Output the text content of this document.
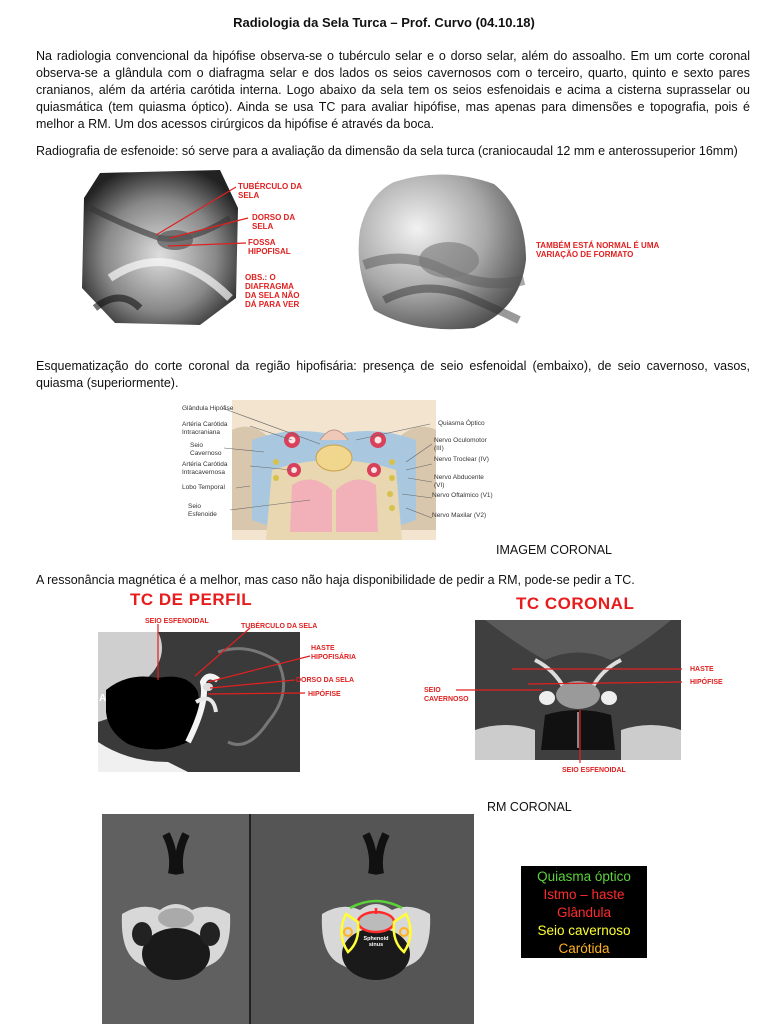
Radiologia da Sela Turca – Prof. Curvo (04.10.18)

Na radiologia convencional da hipófise observa-se o tubérculo selar e o dorso selar, além do assoalho. Em um corte coronal observa-se a glândula com o diafragma selar e dos lados os seios cavernosos com o terceiro, quarto, quinto e sexto pares cranianos, além da artéria carótida interna. Logo abaixo da sela tem os seios esfenoidais e acima a cisterna suprasselar ou quiasmática (tem quiasma óptico). Ainda se usa TC para avaliar hipófise, mas apenas para dimensões e topografia, pois é melhor a RM. Um dos acessos cirúrgicos da hipófise é através da boca.

Radiografia de esfenoide: só serve para a avaliação da dimensão da sela turca (craniocaudal 12 mm e anterossuperior 16mm)

TUBÉRCULO DA SELA
DORSO DA SELA
FOSSA HIPOFISAL
OBS.: O DIAFRAGMA DA SELA NÃO DÁ PARA VER
TAMBÉM ESTÁ NORMAL É UMA VARIAÇÃO DE FORMATO

Esquematização do corte coronal da região hipofisária: presença de seio esfenoidal (embaixo), de seio cavernoso, vasos, quiasma (superiormente).

Glândula Hipófise
Artéria Carótida Intracraniana
Seio Cavernoso
Artéria Carótida Intracavernosa
Lobo Temporal
Seio Esfenoide
Quiasma Óptico
Nervo Oculomotor (III)
Nervo Troclear (IV)
Nervo Abducente (VI)
Nervo Oftalmico (V1)
Nervo Maxilar (V2)
IMAGEM CORONAL

A ressonância magnética é a melhor, mas caso não haja disponibilidade de pedir a RM, pode-se pedir a TC.

TC DE PERFIL
A
SEIO ESFENOIDAL
TUBÉRCULO DA SELA
HASTE HIPOFISÁRIA
DORSO DA SELA
HIPÓFISE
TC CORONAL
HASTE
HIPÓFISE
SEIO CAVERNOSO
SEIO ESFENOIDAL
RM CORONAL
Sphenoid sinus
Quiasma óptico
Istmo – haste
Glândula
Seio cavernoso
Carótida
